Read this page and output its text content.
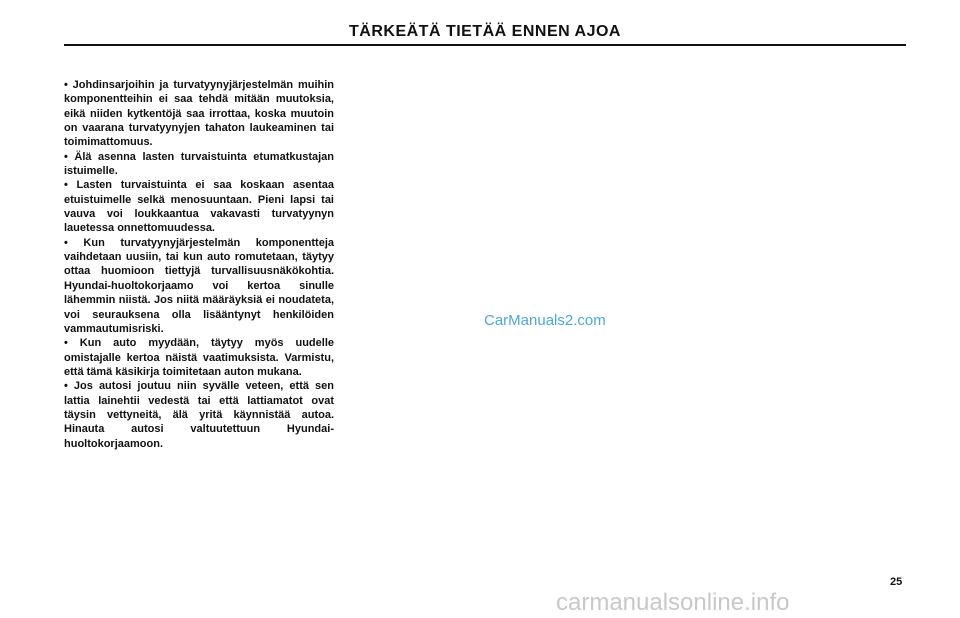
TÄRKEÄTÄ TIETÄÄ ENNEN AJOA

• Johdinsarjoihin ja turvatyynyjärjestelmän muihin komponentteihin ei saa tehdä mitään muutoksia, eikä niiden kytkentöjä saa irrottaa, koska muutoin on vaarana turvatyynyjen tahaton laukeaminen tai toimimattomuus.

• Älä asenna lasten turvaistuinta etumatkustajan istuimelle.

• Lasten turvaistuinta ei saa koskaan asentaa etuistuimelle selkä menosuuntaan. Pieni lapsi tai vauva voi loukkaantua vakavasti turvatyynyn lauetessa onnettomuudessa.

• Kun turvatyynyjärjestelmän komponentteja vaihdetaan uusiin, tai kun auto romutetaan, täytyy ottaa huomioon tiettyjä turvallisuusnäkökohtia. Hyundai-huoltokorjaamo voi kertoa sinulle lähemmin niistä. Jos niitä määräyksiä ei noudateta, voi seurauksena olla lisääntynyt henkilöiden vammautumisriski.

• Kun auto myydään, täytyy myös uudelle omistajalle kertoa näistä vaatimuksista. Varmistu, että tämä käsikirja toimitetaan auton mukana.

• Jos autosi joutuu niin syvälle veteen, että sen lattia lainehtii vedestä tai että lattiamatot ovat täysin vettyneitä, älä yritä käynnistää autoa. Hinauta autosi valtuutettuun Hyundai-huoltokorjaamoon.

CarManuals2.com
25
carmanualsonline.info
